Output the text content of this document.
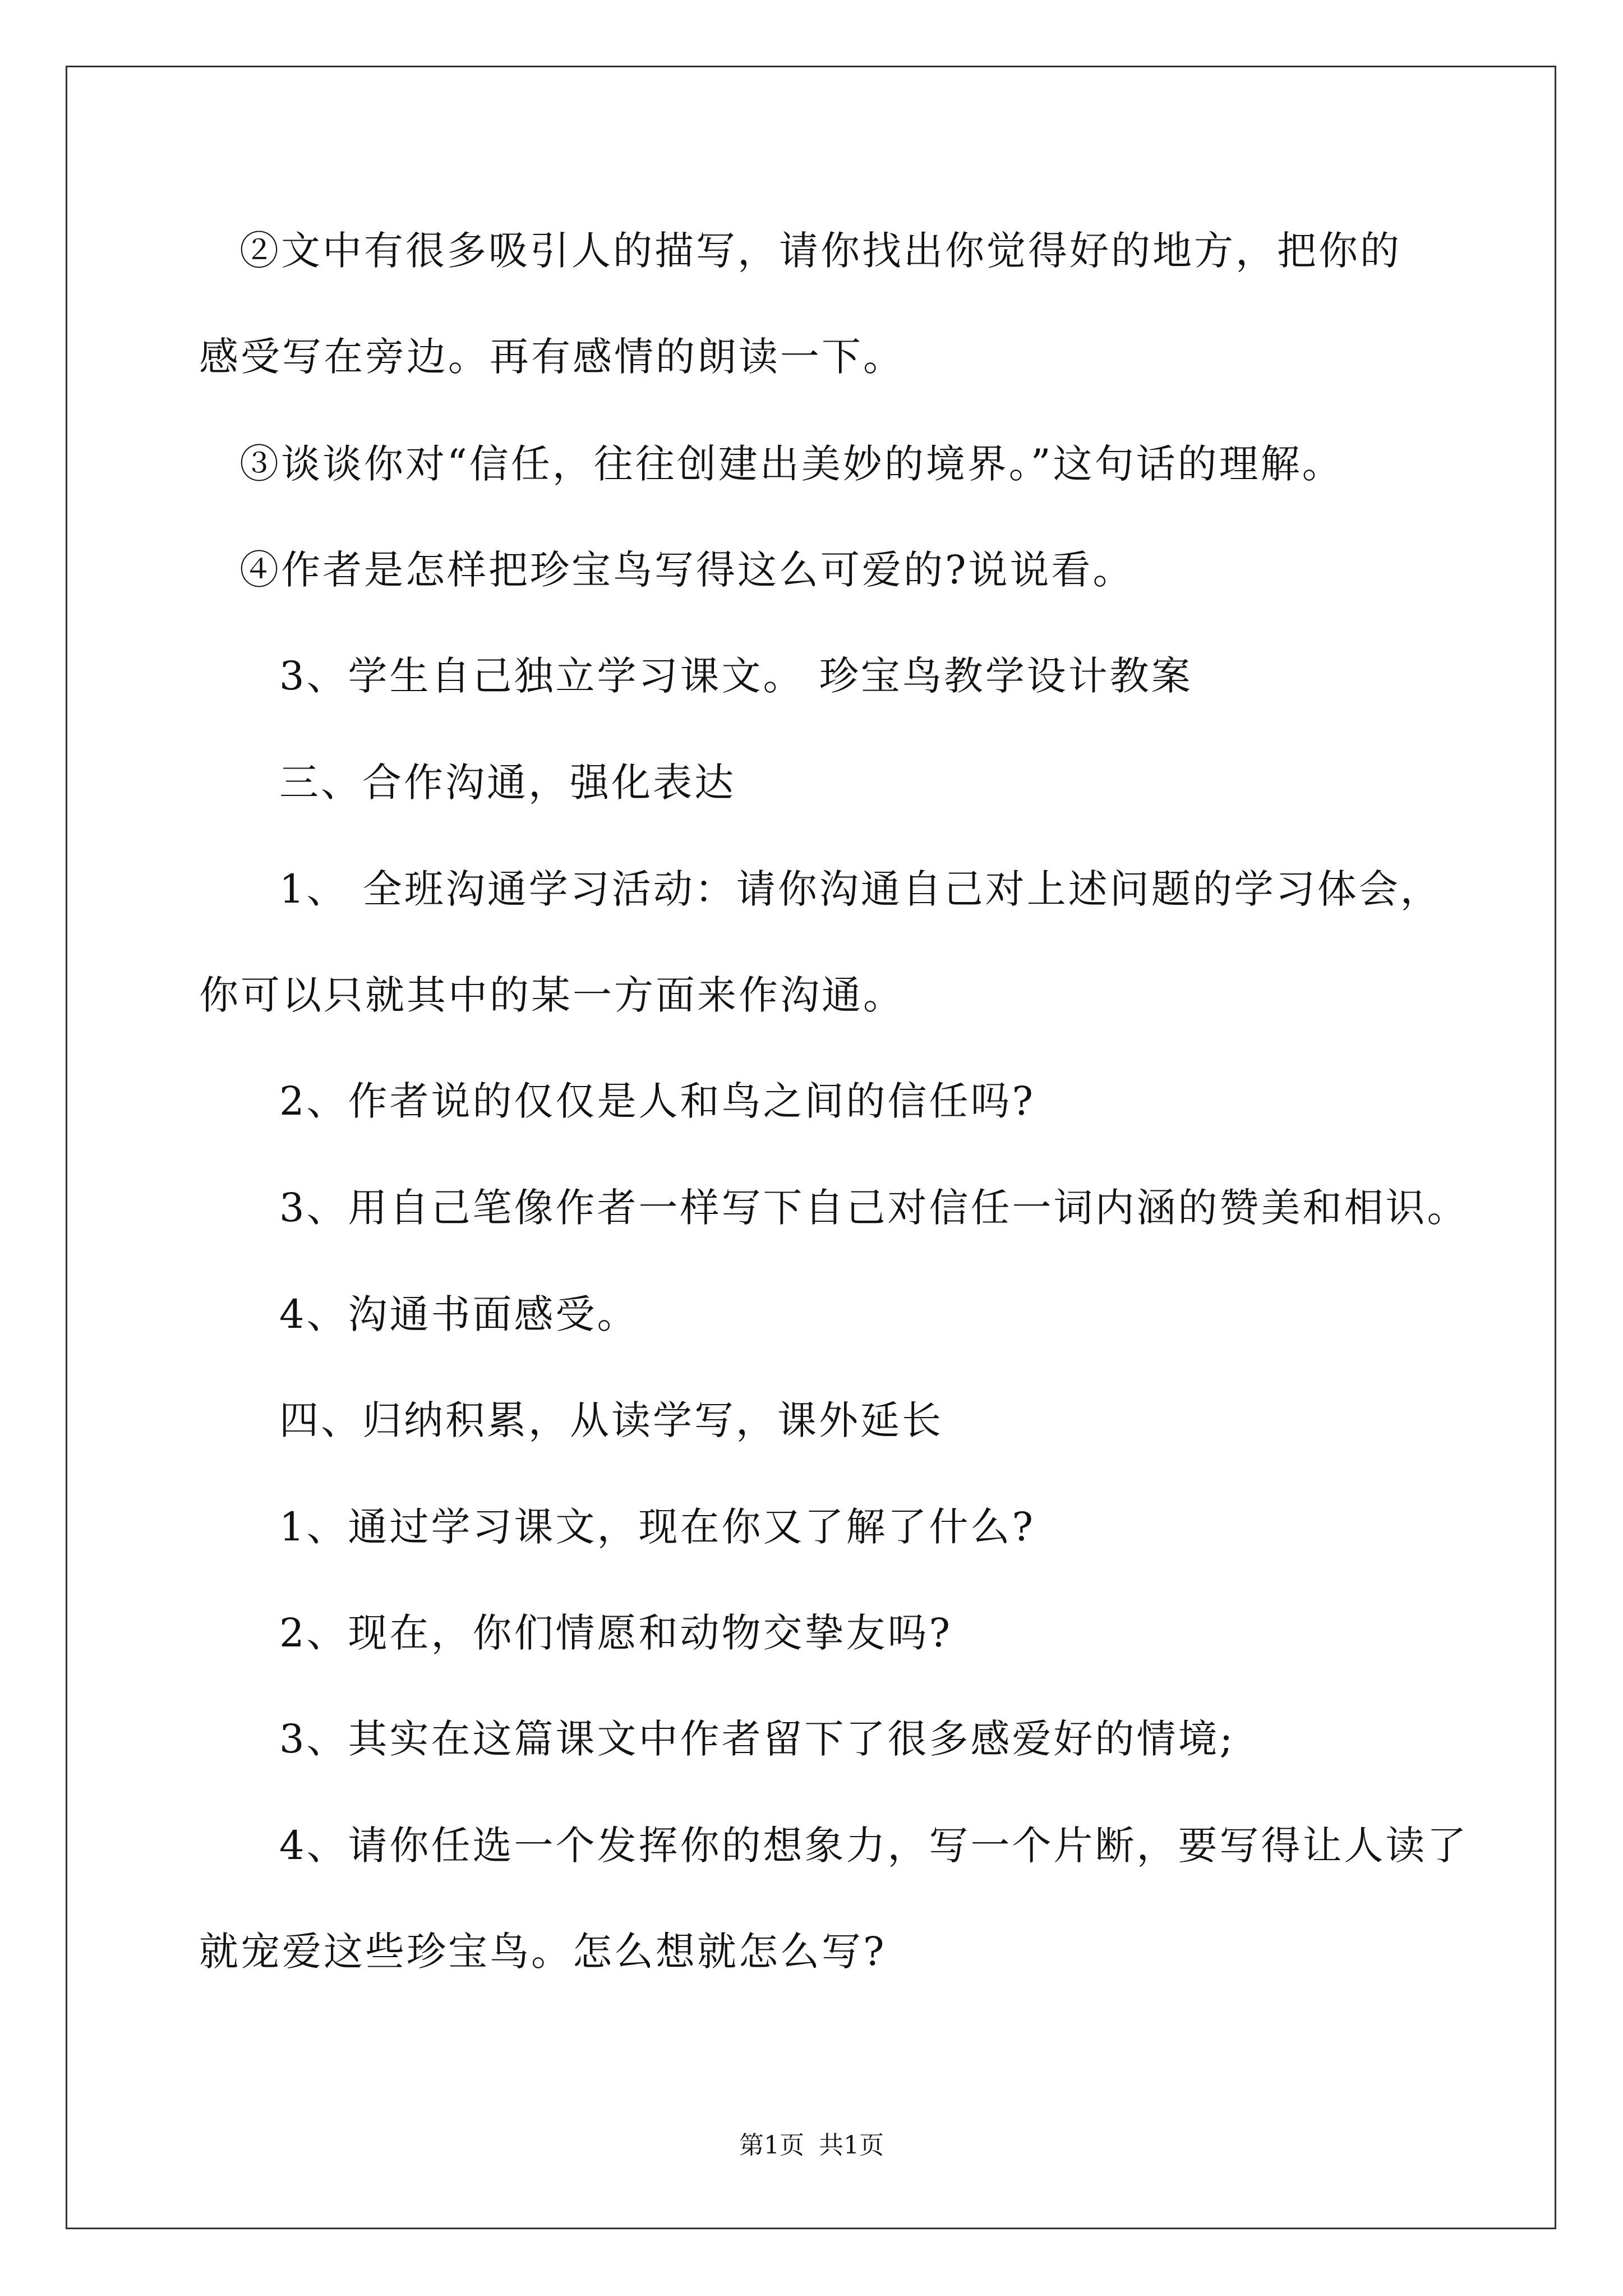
②文中有很多吸引人的描写，请你找出你觉得好的地方，把你的
感受写在旁边。再有感情的朗读一下。
③谈谈你对“信任，往往创建出美妙的境界。”这句话的理解。
④作者是怎样把珍宝鸟写得这么可爱的?说说看。
3、学生自己独立学习课文。 珍宝鸟教学设计教案
三、合作沟通，强化表达
1、 全班沟通学习活动：请你沟通自己对上述问题的学习体会，
你可以只就其中的某一方面来作沟通。
2、作者说的仅仅是人和鸟之间的信任吗?
3、用自己笔像作者一样写下自己对信任一词内涵的赞美和相识。
4、沟通书面感受。
四、归纳积累，从读学写，课外延长
1、通过学习课文，现在你又了解了什么?
2、现在，你们情愿和动物交挚友吗?
3、其实在这篇课文中作者留下了很多感爱好的情境;
4、请你任选一个发挥你的想象力，写一个片断，要写得让人读了
就宠爱这些珍宝鸟。怎么想就怎么写?
第1页 共1页
